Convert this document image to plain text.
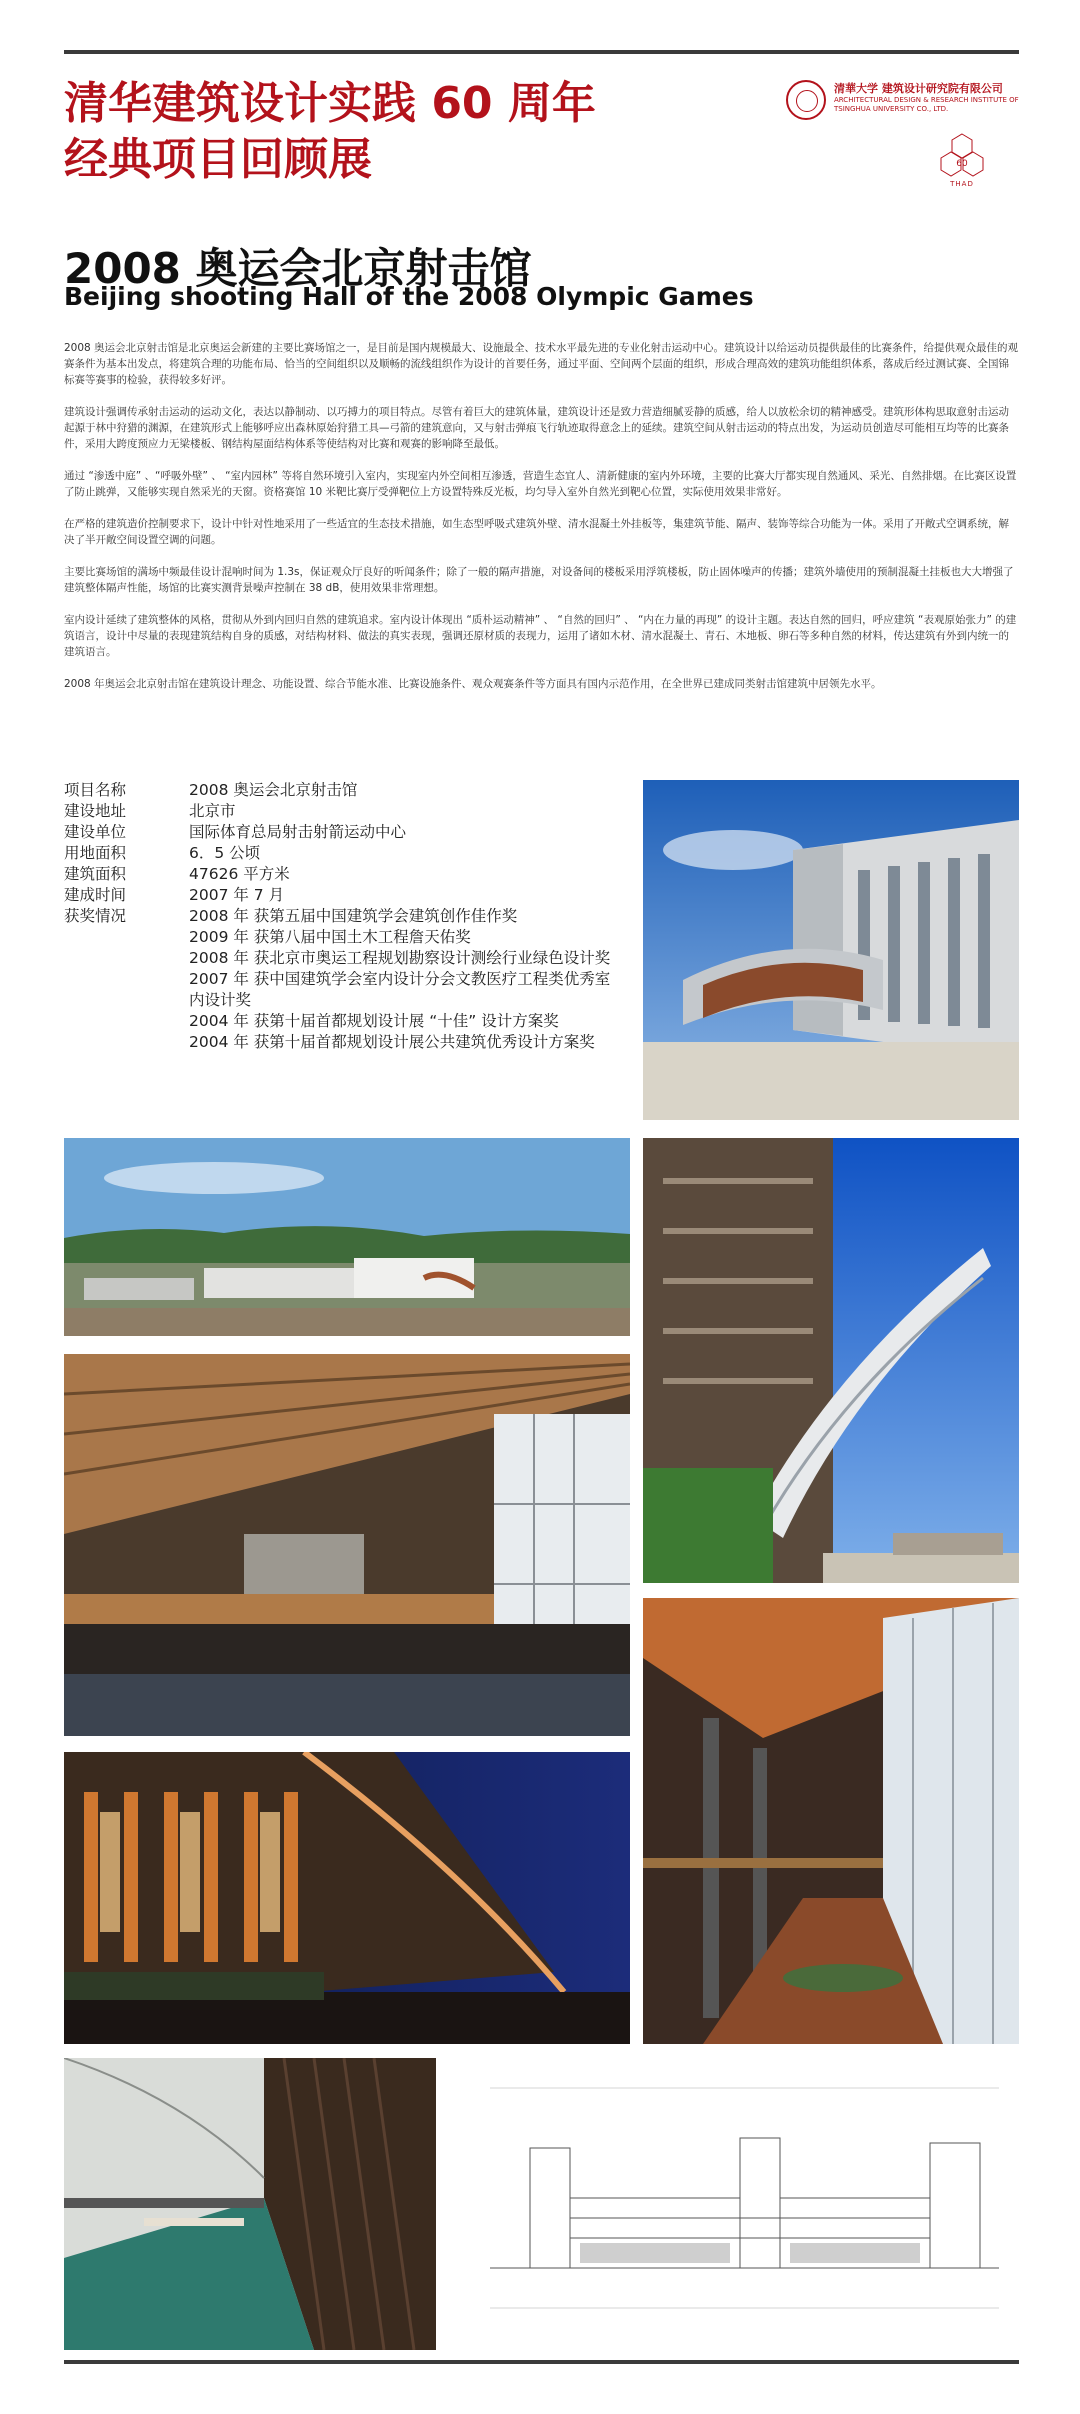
清华建筑设计实践 60 周年
经典项目回顾展
清華大学 建筑设计研究院有限公司
ARCHITECTURAL DESIGN & RESEARCH INSTITUTE OF TSINGHUA UNIVERSITY CO., LTD.
60
THAD
2008 奥运会北京射击馆
Beijing shooting Hall of the 2008 Olympic Games

2008 奥运会北京射击馆是北京奥运会新建的主要比赛场馆之一，是目前是国内规模最大、设施最全、技术水平最先进的专业化射击运动中心。建筑设计以给运动员提供最佳的比赛条件，给提供观众最佳的观赛条件为基本出发点，将建筑合理的功能布局、恰当的空间组织以及顺畅的流线组织作为设计的首要任务，通过平面、空间两个层面的组织，形成合理高效的建筑功能组织体系，落成后经过测试赛、全国锦标赛等赛事的检验，获得较多好评。

建筑设计强调传承射击运动的运动文化，表达以静制动、以巧搏力的项目特点。尽管有着巨大的建筑体量，建筑设计还是致力营造细腻妥静的质感，给人以放松余切的精神感受。建筑形体构思取意射击运动起源于林中狩猎的渊源，在建筑形式上能够呼应出森林原始狩猎工具—弓箭的建筑意向，又与射击弹痕飞行轨迹取得意念上的延续。建筑空间从射击运动的特点出发，为运动员创造尽可能相互均等的比赛条件，采用大跨度预应力无梁楼板、钢结构屋面结构体系等使结构对比赛和观赛的影响降至最低。

通过 “渗透中庭” 、“呼吸外壁” 、 “室内园林” 等将自然环境引入室内，实现室内外空间相互渗透，营造生态宜人、清新健康的室内外环境，主要的比赛大厅都实现自然通风、采光、自然排烟。在比赛区设置了防止跳弹，又能够实现自然采光的天窗。资格赛馆 10 米靶比赛厅受弹靶位上方设置特殊反光板，均匀导入室外自然光到靶心位置，实际使用效果非常好。

在严格的建筑造价控制要求下，设计中针对性地采用了一些适宜的生态技术措施，如生态型呼吸式建筑外壁、清水混凝土外挂板等，集建筑节能、隔声、装饰等综合功能为一体。采用了开敞式空调系统，解决了半开敞空间设置空调的问题。

主要比赛场馆的满场中频最佳设计混响时间为 1.3s，保证观众厅良好的听闻条件；除了一般的隔声措施，对设备间的楼板采用浮筑楼板，防止固体噪声的传播；建筑外墙使用的预制混凝土挂板也大大增强了建筑整体隔声性能，场馆的比赛实测背景噪声控制在 38 dB，使用效果非常理想。

室内设计延续了建筑整体的风格，贯彻从外到内回归自然的建筑追求。室内设计体现出 “质朴运动精神” 、 “自然的回归” 、 “内在力量的再现” 的设计主题。表达自然的回归，呼应建筑 “表观原始张力” 的建筑语言，设计中尽量的表现建筑结构自身的质感，对结构材料、做法的真实表现，强调还原材质的表现力，运用了诸如木材、清水混凝土、青石、木地板、卵石等多种自然的材料，传达建筑有外到内统一的建筑语言。

2008 年奥运会北京射击馆在建筑设计理念、功能设置、综合节能水准、比赛设施条件、观众观赛条件等方面具有国内示范作用，在全世界已建成同类射击馆建筑中居领先水平。

项目名称	2008 奥运会北京射击馆
建设地址	北京市
建设单位	国际体育总局射击射箭运动中心
用地面积	6．5 公顷
建筑面积	47626 平方米
建成时间	2007 年 7 月
获奖情况	2008 年 获第五届中国建筑学会建筑创作佳作奖
2009 年 获第八届中国土木工程詹天佑奖
2008 年 获北京市奥运工程规划勘察设计测绘行业绿色设计奖
2007 年 获中国建筑学会室内设计分会文教医疗工程类优秀室内设计奖
2004 年 获第十届首都规划设计展 “十佳” 设计方案奖
2004 年 获第十届首都规划设计展公共建筑优秀设计方案奖
